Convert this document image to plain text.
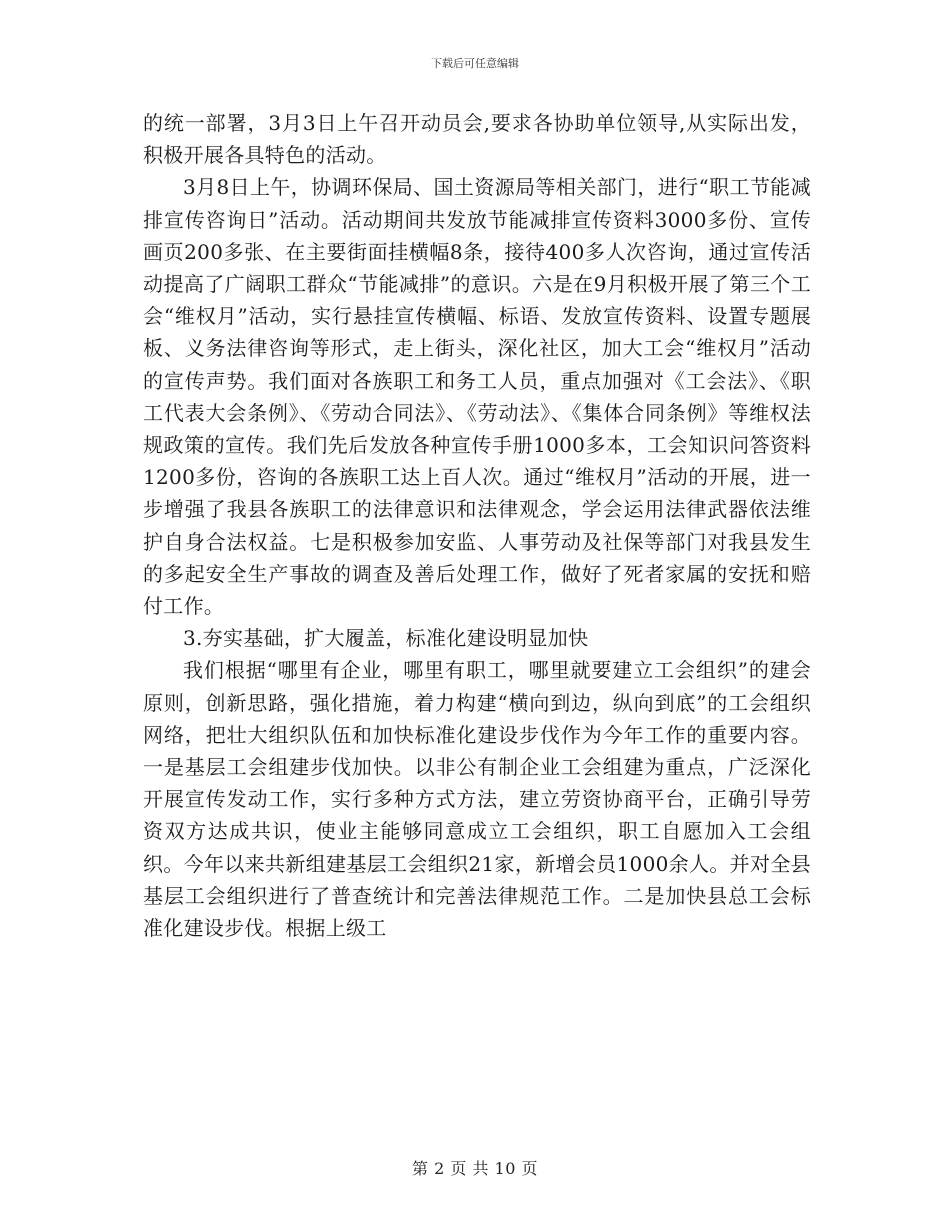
下载后可任意编辑

的统一部署，3月3日上午召开动员会,要求各协助单位领导,从实际出发，积极开展各具特色的活动。

3月8日上午，协调环保局、国土资源局等相关部门，进行“职工节能减排宣传咨询日”活动。活动期间共发放节能减排宣传资料3000多份、宣传画页200多张、在主要街面挂横幅8条，接待400多人次咨询，通过宣传活动提高了广阔职工群众“节能减排”的意识。六是在9月积极开展了第三个工会“维权月”活动，实行悬挂宣传横幅、标语、发放宣传资料、设置专题展板、义务法律咨询等形式，走上街头，深化社区，加大工会“维权月”活动的宣传声势。我们面对各族职工和务工人员，重点加强对《工会法》、《职工代表大会条例》、《劳动合同法》、《劳动法》、《集体合同条例》等维权法规政策的宣传。我们先后发放各种宣传手册1000多本，工会知识问答资料1200多份，咨询的各族职工达上百人次。通过“维权月”活动的开展，进一步增强了我县各族职工的法律意识和法律观念，学会运用法律武器依法维护自身合法权益。七是积极参加安监、人事劳动及社保等部门对我县发生的多起安全生产事故的调查及善后处理工作，做好了死者家属的安抚和赔付工作。

3.夯实基础，扩大履盖，标准化建设明显加快

我们根据“哪里有企业，哪里有职工，哪里就要建立工会组织”的建会原则，创新思路，强化措施，着力构建“横向到边，纵向到底”的工会组织网络，把壮大组织队伍和加快标准化建设步伐作为今年工作的重要内容。一是基层工会组建步伐加快。以非公有制企业工会组建为重点，广泛深化开展宣传发动工作，实行多种方式方法，建立劳资协商平台，正确引导劳资双方达成共识，使业主能够同意成立工会组织，职工自愿加入工会组织。今年以来共新组建基层工会组织21家，新增会员1000余人。并对全县基层工会组织进行了普查统计和完善法律规范工作。二是加快县总工会标准化建设步伐。根据上级工

第 2 页 共 10 页
